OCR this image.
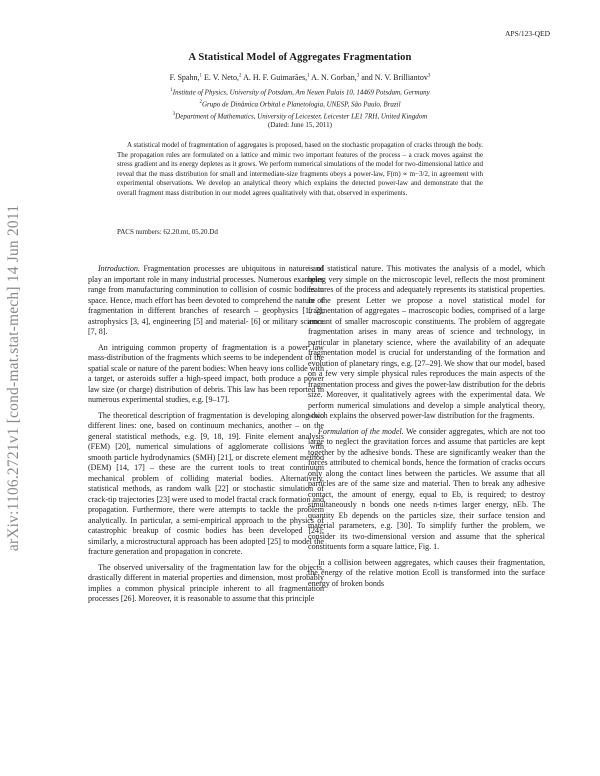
arXiv:1106.2721v1 [cond-mat.stat-mech] 14 Jun 2011
APS/123-QED
A Statistical Model of Aggregates Fragmentation
F. Spahn,$^1$ E. V. Neto,$^2$ A. H. F. Guimarães,$^1$ A. N. Gorban,$^3$ and N. V. Brilliantov$^3$
$^1$Institute of Physics, University of Potsdam, Am Neuen Palais 10, 14469 Potsdam, Germany
$^2$Grupo de Dinâmica Orbital e Planetologia, UNESP, São Paulo, Brazil
$^3$Department of Mathematics, University of Leicester, Leicester LE1 7RH, United Kingdom
(Dated: June 15, 2011)

A statistical model of fragmentation of aggregates is proposed, based on the stochastic propagation of cracks through the body. The propagation rules are formulated on a lattice and mimic two important features of the process – a crack moves against the stress gradient and its energy depletes as it grows. We perform numerical simulations of the model for two-dimensional lattice and reveal that the mass distribution for small and intermediate-size fragments obeys a power-law, F(m) ∝ m−3/2, in agreement with experimental observations. We develop an analytical theory which explains the detected power-law and demonstrate that the overall fragment mass distribution in our model agrees qualitatively with that, observed in experiments.

PACS numbers: 62.20.mt, 05.20.Dd

Introduction. Fragmentation processes are ubiquitous in nature and play an important role in many industrial processes. Numerous examples range from manufacturing comminution to collision of cosmic bodies in space. Hence, much effort has been devoted to comprehend the nature of fragmentation in different branches of research – geophysics [1, 2], astrophysics [3, 4], engineering [5] and material- [6] or military science [7, 8].

An intriguing common property of fragmentation is a power law mass-distribution of the fragments which seems to be independent of the spatial scale or nature of the parent bodies: When heavy ions collide with a target, or asteroids suffer a high-speed impact, both produce a power law size (or charge) distribution of debris. This law has been reported in numerous experimental studies, e.g. [9–17].

The theoretical description of fragmentation is developing along two different lines: one, based on continuum mechanics, another – on the general statistical methods, e.g. [9, 18, 19]. Finite element analysis (FEM) [20], numerical simulations of agglomerate collisions with smooth particle hydrodynamics (SMH) [21], or discrete element method (DEM) [14, 17] – these are the current tools to treat continuum mechanical problem of colliding material bodies. Alternatively, statistical methods, as random walk [22] or stochastic simulation of crack-tip trajectories [23] were used to model fractal crack formation and propagation. Furthermore, there were attempts to tackle the problem analytically. In particular, a semi-empirical approach to the physics of catastrophic breakup of cosmic bodies has been developed [24]; similarly, a microstructural approach has been adopted [25] to model the fracture generation and propagation in concrete.

The observed universality of the fragmentation law for the objects, drastically different in material properties and dimension, most probably implies a common physical principle inherent to all fragmentation processes [26]. Moreover, it is reasonable to assume that this principle

is of statistical nature. This motivates the analysis of a model, which being very simple on the microscopic level, reflects the most prominent features of the process and adequately represents its statistical properties. In the present Letter we propose a novel statistical model for fragmentation of aggregates – macroscopic bodies, comprised of a large amount of smaller macroscopic constituents. The problem of aggregate fragmentation arises in many areas of science and technology, in particular in planetary science, where the availability of an adequate fragmentation model is crucial for understanding of the formation and evolution of planetary rings, e.g. [27–29]. We show that our model, based on a few very simple physical rules reproduces the main aspects of the fragmentation process and gives the power-law distribution for the debris size. Moreover, it qualitatively agrees with the experimental data. We perform numerical simulations and develop a simple analytical theory, which explains the observed power-law distribution for the fragments.

Formulation of the model. We consider aggregates, which are not too large to neglect the gravitation forces and assume that particles are kept together by the adhesive bonds. These are significantly weaker than the forces attributed to chemical bonds, hence the formation of cracks occurs only along the contact lines between the particles. We assume that all particles are of the same size and material. Then to break any adhesive contact, the amount of energy, equal to Eb, is required; to destroy simultaneously n bonds one needs n-times larger energy, nEb. The quantity Eb depends on the particles size, their surface tension and material parameters, e.g. [30]. To simplify further the problem, we consider its two-dimensional version and assume that the spherical constituents form a square lattice, Fig. 1.

In a collision between aggregates, which causes their fragmentation, the energy of the relative motion Ecoll is transformed into the surface energy of broken bonds
